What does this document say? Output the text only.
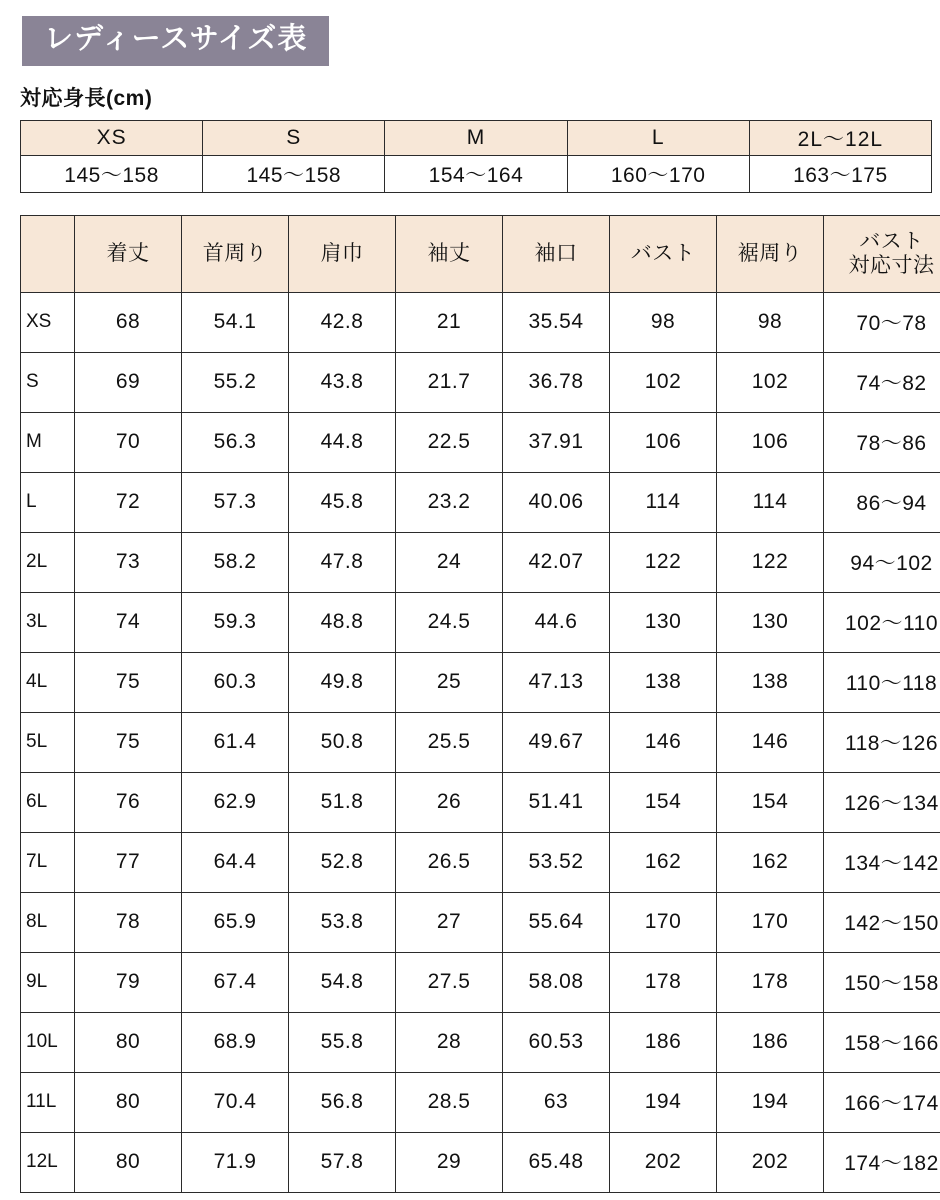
レディースサイズ表
対応身長(cm)
XS	S	M	L	2L〜12L
145〜158	145〜158	154〜164	160〜170	163〜175
	着丈	首周り	肩巾	袖丈	袖口	バスト	裾周り	バスト
対応寸法

XS	68	54.1	42.8	21	35.54	98	98	70〜78
S	69	55.2	43.8	21.7	36.78	102	102	74〜82
M	70	56.3	44.8	22.5	37.91	106	106	78〜86
L	72	57.3	45.8	23.2	40.06	114	114	86〜94
2L	73	58.2	47.8	24	42.07	122	122	94〜102
3L	74	59.3	48.8	24.5	44.6	130	130	102〜110
4L	75	60.3	49.8	25	47.13	138	138	110〜118
5L	75	61.4	50.8	25.5	49.67	146	146	118〜126
6L	76	62.9	51.8	26	51.41	154	154	126〜134
7L	77	64.4	52.8	26.5	53.52	162	162	134〜142
8L	78	65.9	53.8	27	55.64	170	170	142〜150
9L	79	67.4	54.8	27.5	58.08	178	178	150〜158
10L	80	68.9	55.8	28	60.53	186	186	158〜166
11L	80	70.4	56.8	28.5	63	194	194	166〜174
12L	80	71.9	57.8	29	65.48	202	202	174〜182
